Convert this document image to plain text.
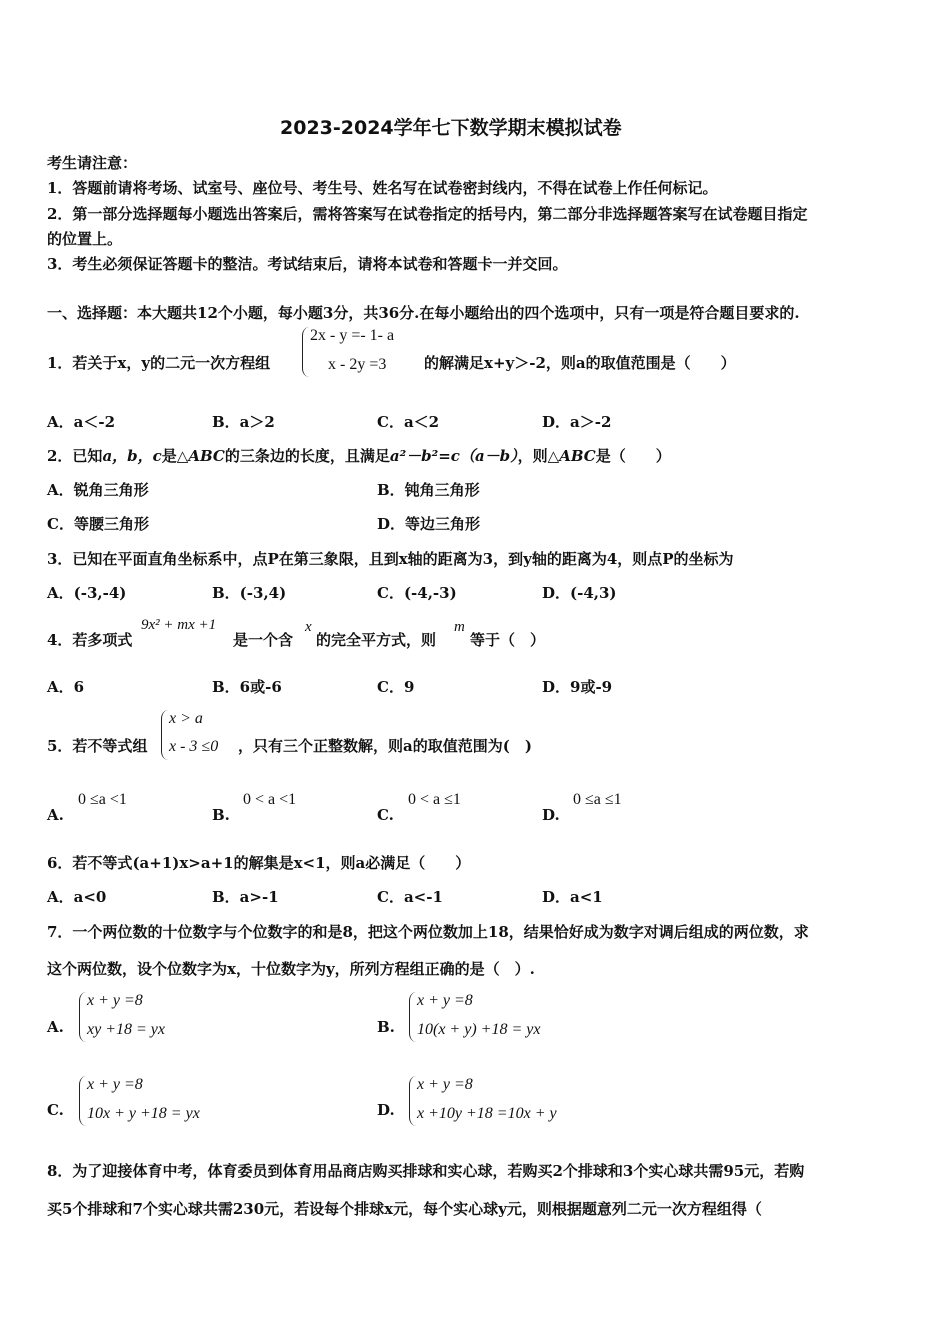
2023-2024学年七下数学期末模拟试卷
考生请注意：
1．答题前请将考场、试室号、座位号、考生号、姓名写在试卷密封线内，不得在试卷上作任何标记。
2．第一部分选择题每小题选出答案后，需将答案写在试卷指定的括号内，第二部分非选择题答案写在试卷题目指定
的位置上。
3．考生必须保证答题卡的整洁。考试结束后，请将本试卷和答题卡一并交回。
一、选择题：本大题共12个小题，每小题3分，共36分.在每小题给出的四个选项中，只有一项是符合题目要求的.
1．若关于x，y的二元一次方程组
2x - y =- 1- a
x - 2y =3	的解满足x+y＞-2，则a的取值范围是（　　）
A．a＜-2	B．a＞2	C．a＜2	D．a＞-2
2．已知a，b，c是△ABC的三条边的长度，且满足a²－b²=c（a－b），则△ABC是（　　）
A．锐角三角形	B．钝角三角形
C．等腰三角形	D．等边三角形
3．已知在平面直角坐标系中，点P在第三象限，且到x轴的距离为3，到y轴的距离为4，则点P的坐标为
A．(-3,-4)	B．(-3,4)	C．(-4,-3)	D．(-4,3)
4．若多项式
9x² + mx +1
是一个含
x
的完全平方式，则
m
等于（　）
A．6	B．6或-6	C．9	D．9或-9
5．若不等式组
x > a
x - 3 ≤0 ，只有三个正整数解，则a的取值范围为(　)
A.
0 ≤a <1
B.
0 < a <1
C.
0 < a ≤1
D.
0 ≤a ≤1
6．若不等式(a+1)x>a+1的解集是x<1，则a必满足（　　）
A．a<0	B．a>-1	C．a<-1	D．a<1
7．一个两位数的十位数字与个位数字的和是8，把这个两位数加上18，结果恰好成为数字对调后组成的两位数，求
这个两位数，设个位数字为x，十位数字为y，所列方程组正确的是（　）.
A.
x + y =8
xy +18 = yx	B.
x + y =8
10(x + y) +18 = yx
C.
x + y =8
10x + y +18 = yx	D.
x + y =8
x +10y +18 =10x + y
8．为了迎接体育中考，体育委员到体育用品商店购买排球和实心球，若购买2个排球和3个实心球共需95元，若购
买5个排球和7个实心球共需230元，若设每个排球x元，每个实心球y元，则根据题意列二元一次方程组得（
